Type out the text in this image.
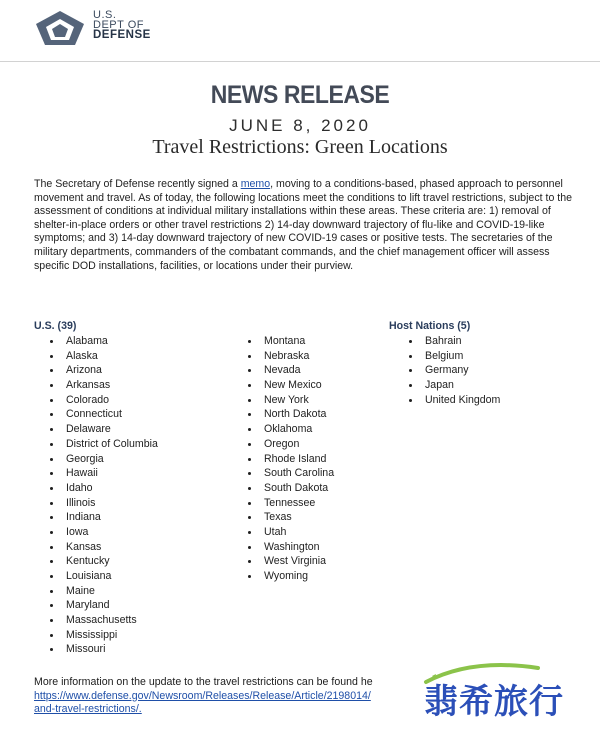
U.S.
DEPT OF
DEFENSE
NEWS RELEASE
JUNE 8, 2020
Travel Restrictions: Green Locations
The Secretary of Defense recently signed a memo, moving to a conditions-based, phased approach to personnel movement and travel. As of today, the following locations meet the conditions to lift travel restrictions, subject to the assessment of conditions at individual military installations within these areas. These criteria are: 1) removal of shelter-in-place orders or other travel restrictions 2) 14-day downward trajectory of flu-like and COVID-19-like symptoms; and 3) 14-day downward trajectory of new COVID-19 cases or positive tests. The secretaries of the military departments, commanders of the combatant commands, and the chief management officer will assess specific DOD installations, facilities, or locations under their purview.
U.S. (39)
Alabama
Alaska
Arizona
Arkansas
Colorado
Connecticut
Delaware
District of Columbia
Georgia
Hawaii
Idaho
Illinois
Indiana
Iowa
Kansas
Kentucky
Louisiana
Maine
Maryland
Massachusetts
Mississippi
Missouri
Montana
Nebraska
Nevada
New Mexico
New York
North Dakota
Oklahoma
Oregon
Rhode Island
South Carolina
South Dakota
Tennessee
Texas
Utah
Washington
West Virginia
Wyoming
Host Nations (5)
Bahrain
Belgium
Germany
Japan
United Kingdom
More information on the update to the travel restrictions can be found he
https://www.defense.gov/Newsroom/Releases/Release/Article/2198014/
and-travel-restrictions/.	翡希旅行
